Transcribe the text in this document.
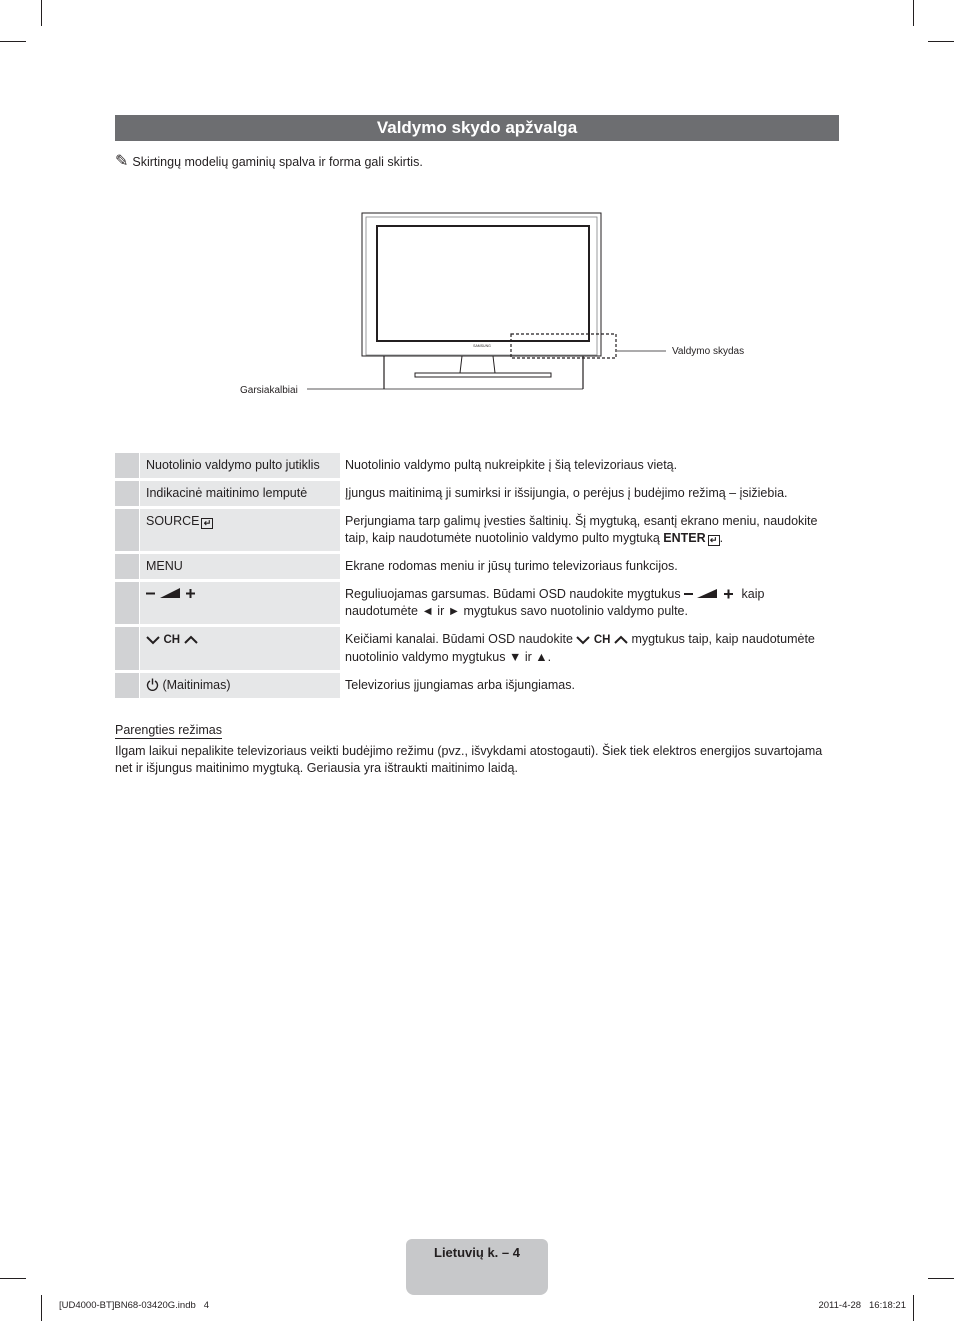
Valdymo skydo apžvalga
✎ Skirtingų modelių gaminių spalva ir forma gali skirtis.
SAMSUNG	Valdymo skydas
Garsiakalbiai
	Nuotolinio valdymo pulto jutiklis	Nuotolinio valdymo pultą nukreipkite į šią televizoriaus vietą.
	Indikacinė maitinimo lemputė	Įjungus maitinimą ji sumirksi ir išsijungia, o perėjus į budėjimo režimą – įsižiebia.
	SOURCE ↵	Perjungiama tarp galimų įvesties šaltinių. Šį mygtuką, esantį ekrano meniu, naudokite taip, kaip naudotumėte nuotolinio valdymo pulto mygtuką ENTER ↵ .
	MENU	Ekrane rodomas meniu ir jūsų turimo televizoriaus funkcijos.
		Reguliuojamas garsumas. Būdami OSD naudokite mygtukus kaip naudotumėte ◄ ir ► mygtukus savo nuotolinio valdymo pulte.
	CH	Keičiami kanalai. Būdami OSD naudokite  CH  mygtukus taip, kaip naudotumėte nuotolinio valdymo mygtukus ▼ ir ▲.
	(Maitinimas)	Televizorius įjungiamas arba išjungiamas.
Parengties režimas
Ilgam laikui nepalikite televizoriaus veikti budėjimo režimu (pvz., išvykdami atostogauti). Šiek tiek elektros energijos suvartojama net ir išjungus maitinimo mygtuką. Geriausia yra ištraukti maitinimo laidą.
Lietuvių k. – 4
[UD4000-BT]BN68-03420G.indb   4	2011-4-28   16:18:21
